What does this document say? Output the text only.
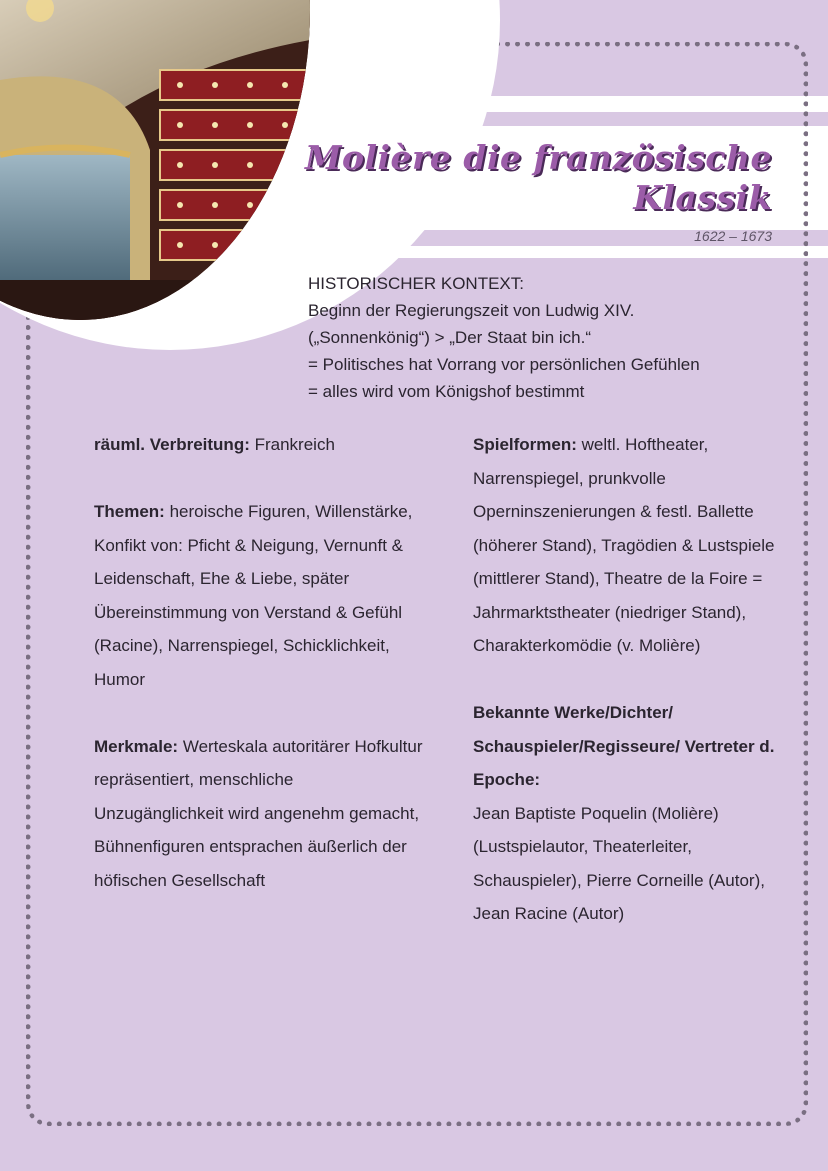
Molière die französische
Klassik
1622 – 1673
HISTORISCHER KONTEXT:
Beginn der Regierungszeit von Ludwig XIV.
(„Sonnenkönig“) > „Der Staat bin ich.“
= Politisches hat Vorrang vor persönlichen Gefühlen
= alles wird vom Königshof bestimmt

räuml. Verbreitung: Frankreich

Themen: heroische Figuren, Willenstärke, Konfikt von: Pficht & Neigung, Vernunft & Leidenschaft, Ehe & Liebe, später Übereinstimmung von Verstand & Gefühl (Racine), Narrenspiegel, Schicklichkeit, Humor

Merkmale: Werteskala autoritärer Hofkultur repräsentiert, menschliche Unzugänglichkeit wird angenehm gemacht, Bühnenfiguren entsprachen äußerlich der höfischen Gesellschaft

Spielformen: weltl. Hoftheater, Narrenspiegel, prunkvolle Operninszenierungen & festl. Ballette (höherer Stand), Tragödien & Lustspiele (mittlerer Stand), Theatre de la Foire = Jahrmarktstheater (niedriger Stand), Charakterkomödie (v. Molière)

Bekannte Werke/Dichter/ Schauspieler/Regisseure/ Vertreter d. Epoche:
Jean Baptiste Poquelin (Molière) (Lustspielautor, Theaterleiter, Schauspieler), Pierre Corneille (Autor), Jean Racine (Autor)
